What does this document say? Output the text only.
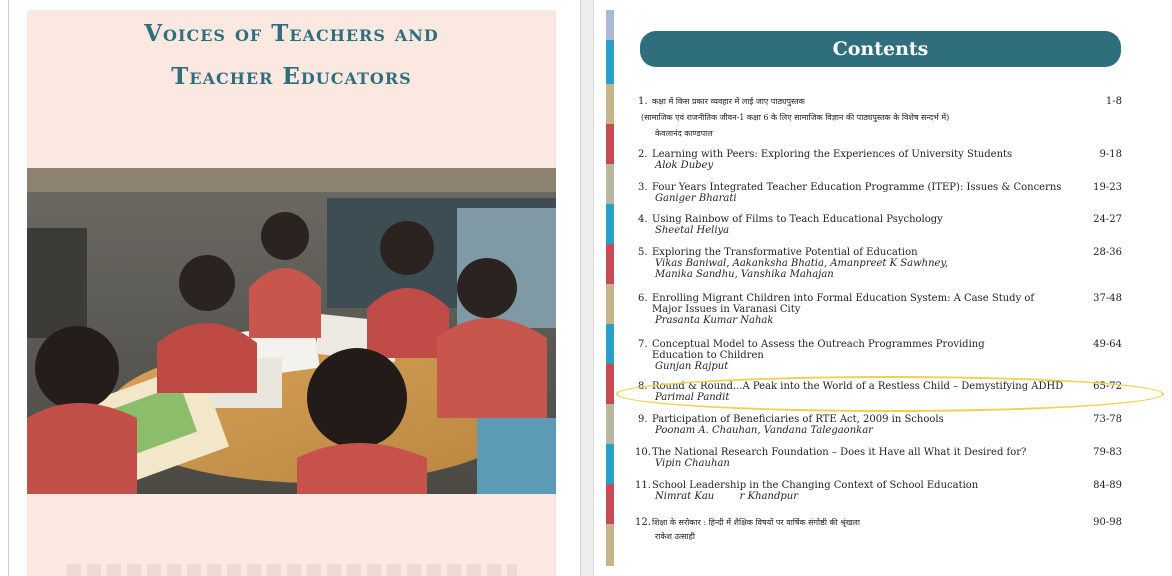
Voices of Teachers and
Teacher Educators
Contents
1. कक्षा में किस प्रकार व्यवहार में लाई जाए पाठ्यपुस्तक	1-8
(सामाजिक एवं राजनीतिक जीवन-1 कक्षा 6 के लिए सामाजिक विज्ञान की पाठ्यपुस्तक के विशेष सन्दर्भ में)
केवलानंद काण्डपाल
2. Learning with Peers: Exploring the Experiences of University Students	9-18
Alok Dubey
3. Four Years Integrated Teacher Education Programme (ITEP): Issues & Concerns	19-23
Ganiger Bharati
4. Using Rainbow of Films to Teach Educational Psychology	24-27
Sheetal Heliya
5. Exploring the Transformative Potential of Education	28-36
Vikas Baniwal, Aakanksha Bhatia, Amanpreet K Sawhney,
Manika Sandhu, Vanshika Mahajan
6. Enrolling Migrant Children into Formal Education System: A Case Study of	37-48
Major Issues in Varanasi City
Prasanta Kumar Nahak
7. Conceptual Model to Assess the Outreach Programmes Providing	49-64
Education to Children
Gunjan Rajput
8. Round & Round...A Peak into the World of a Restless Child – Demystifying ADHD	65-72
Parimal Pandit
9. Participation of Beneficiaries of RTE Act, 2009 in Schools	73-78
Poonam A. Chauhan, Vandana Talegaonkar
10. The National Research Foundation – Does it Have all What it Desired for?	79-83
Vipin Chauhan
11. School Leadership in the Changing Context of School Education	84-89
Nimrat Kau        r Khandpur
12. शिक्षा के सरोकार : हिन्दी में शैक्षिक विषयों पर वार्षिक संगोष्ठी की श्रृंखला	90-98
राकेश उत्साही
